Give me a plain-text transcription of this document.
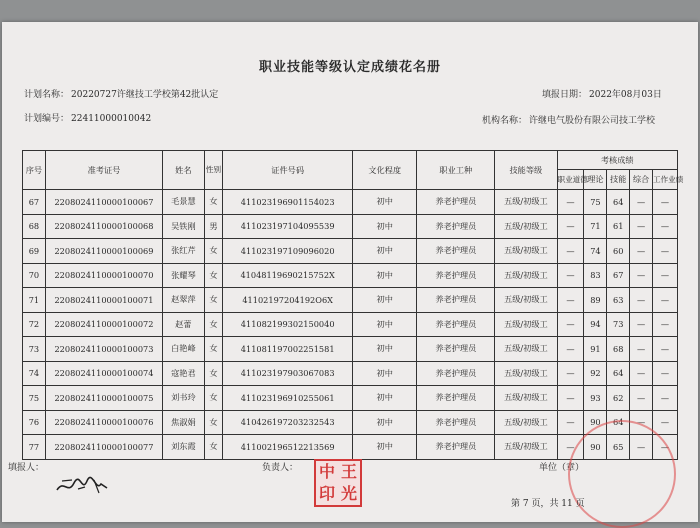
职业技能等级认定成绩花名册
计划名称： 20220727许继技工学校第42批认定	填报日期： 2022年08月03日
计划编号： 22411000010042	机构名称： 许继电气股份有限公司技工学校
序号	准考证号	姓名	性别	证件号码	文化程度	职业工种	技能等级	考核成绩				
								职业道德	理论	技能	综合	工作业绩
67	2208024110000100067	毛景慧	女	411023196901154023	初中	养老护理员	五级/初级工	—	75	64	—	—
68	2208024110000100068	吴铁刚	男	411023197104095539	初中	养老护理员	五级/初级工	—	71	61	—	—
69	2208024110000100069	张红芹	女	411023197109096020	初中	养老护理员	五级/初级工	—	74	60	—	—
70	2208024110000100070	张耀琴	女	41048119690215752X	初中	养老护理员	五级/初级工	—	83	67	—	—
71	2208024110000100071	赵翠萍	女	41102197204192O6X	初中	养老护理员	五级/初级工	—	89	63	—	—
72	2208024110000100072	赵蕾	女	411082199302150040	初中	养老护理员	五级/初级工	—	94	73	—	—
73	2208024110000100073	白艳峰	女	411081197002251581	初中	养老护理员	五级/初级工	—	91	68	—	—
74	2208024110000100074	寇艳君	女	411023197903067083	初中	养老护理员	五级/初级工	—	92	64	—	—
75	2208024110000100075	刘书玲	女	411023196910255061	初中	养老护理员	五级/初级工	—	93	62	—	—
76	2208024110000100076	焦淑娟	女	410426197203232543	初中	养老护理员	五级/初级工	—	90	64	—	—
77	2208024110000100077	刘东霞	女	411002196512213569	初中	养老护理员	五级/初级工	—	90	65	—	—
填报人：	负责人： 中 王
印 光
单位（章）
第 7 页，共 11 页
